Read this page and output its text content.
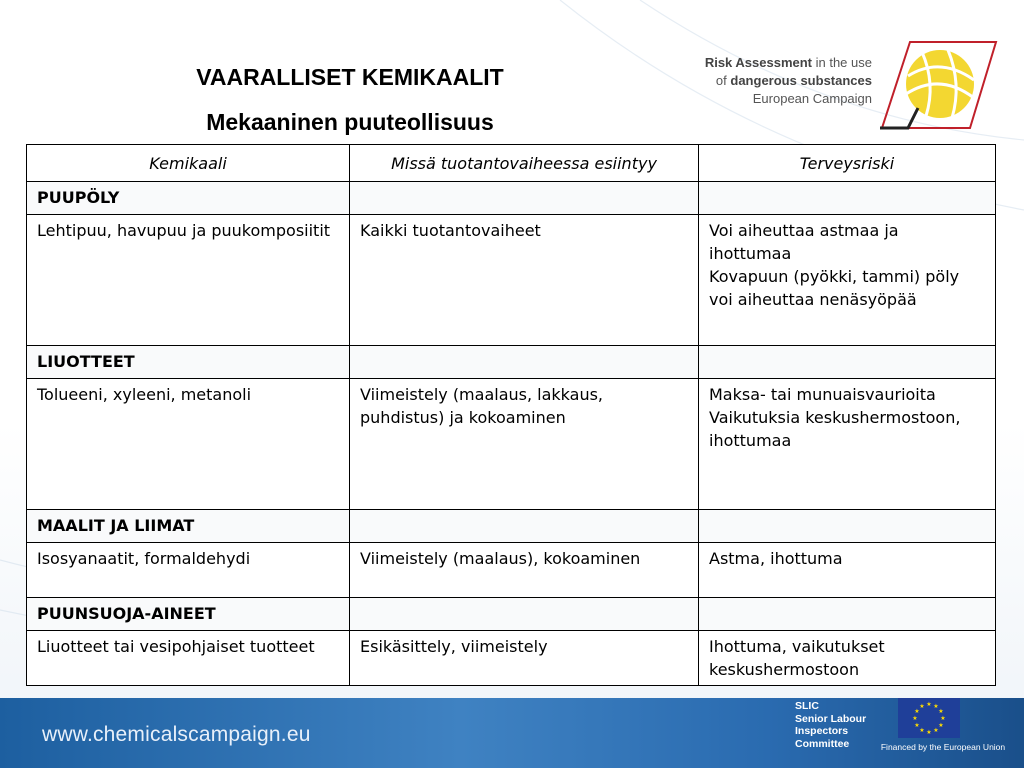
VAARALLISET KEMIKAALIT
Mekaaninen puuteollisuus
Risk Assessment in the use
of dangerous substances
European Campaign
Kemikaali	Missä tuotantovaiheessa esiintyy	Terveysriski
PUUPÖLY		
Lehtipuu, havupuu ja puukomposiitit	Kaikki tuotantovaiheet	Voi aiheuttaa astmaa ja ihottumaa
Kovapuun (pyökki, tammi) pöly voi aiheuttaa nenäsyöpää

LIUOTTEET		
Tolueeni, xyleeni, metanoli	Viimeistely (maalaus, lakkaus, puhdistus) ja kokoaminen	Maksa- tai munuaisvaurioita
Vaikutuksia keskushermostoon, ihottumaa

MAALIT JA LIIMAT		
Isosyanaatit, formaldehydi	Viimeistely (maalaus), kokoaminen	Astma, ihottuma

PUUNSUOJA-AINEET		
Liuotteet tai vesipohjaiset tuotteet	Esikäsittely, viimeistely	Ihottuma, vaikutukset keskushermostoon
www.chemicalscampaign.eu
SLIC
Senior Labour
Inspectors
Committee
★ ★
★
★
★
★
★
★
★
★
★
★
Financed by the European Union
